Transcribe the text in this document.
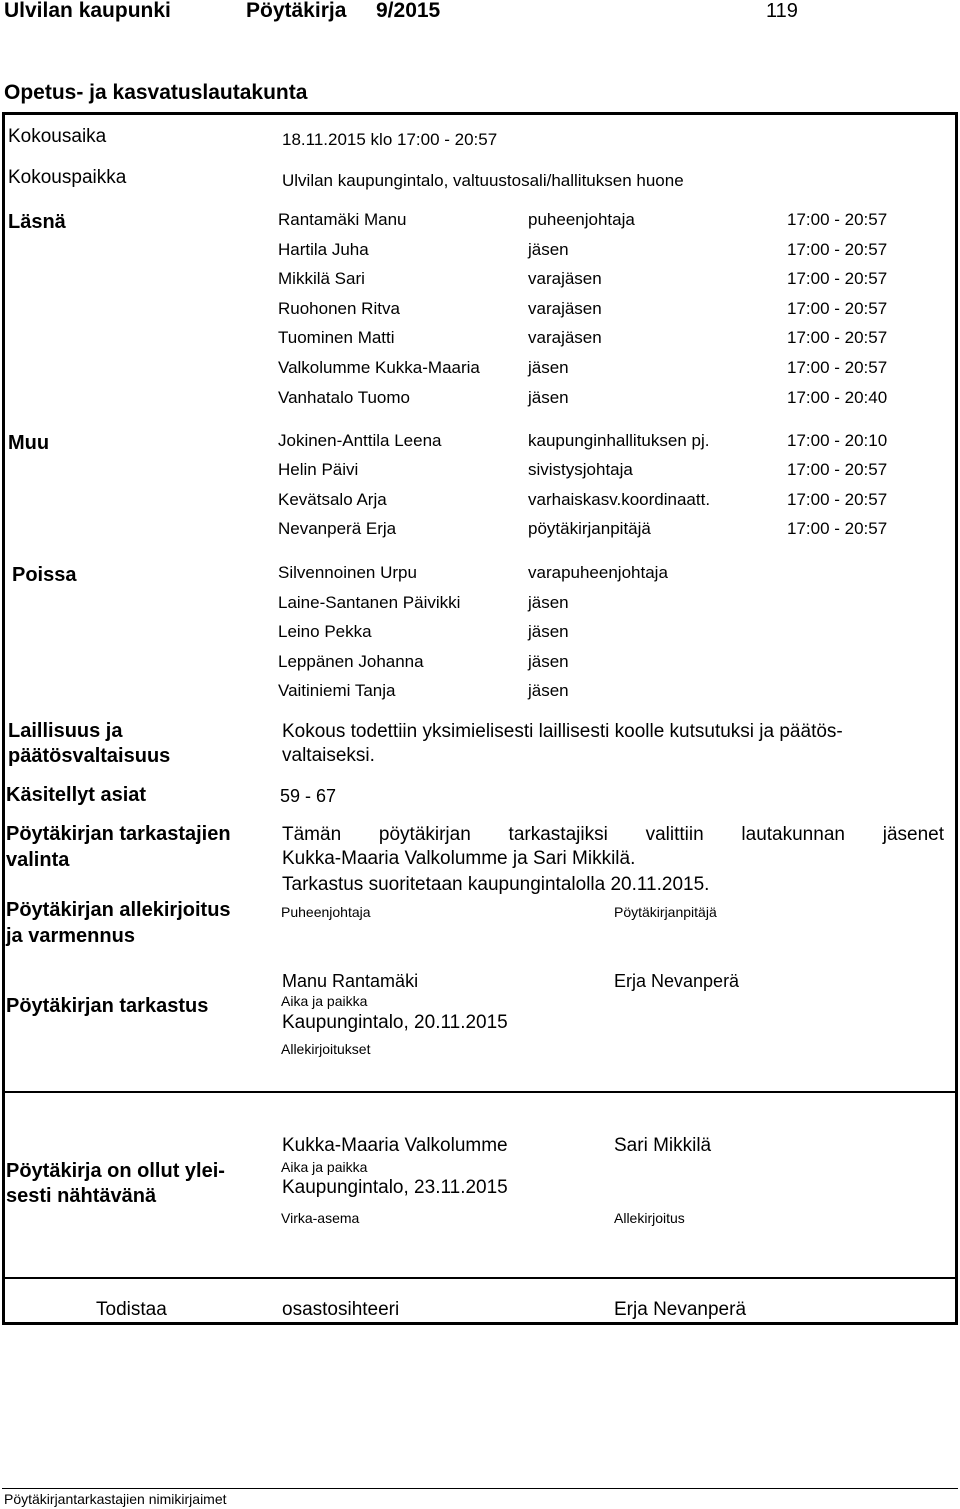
Ulvilan kaupunki	Pöytäkirja 9/2015	119
Opetus- ja kasvatuslautakunta
Kokousaika	18.11.2015 klo 17:00 - 20:57
Kokouspaikka	Ulvilan kaupungintalo, valtuustosali/hallituksen huone
Läsnä	Rantamäki Manu	puheenjohtaja	17:00 - 20:57
Hartila Juha	jäsen	17:00 - 20:57
Mikkilä Sari	varajäsen	17:00 - 20:57
Ruohonen Ritva	varajäsen	17:00 - 20:57
Tuominen Matti	varajäsen	17:00 - 20:57
Valkolumme Kukka-Maaria	jäsen	17:00 - 20:57
Vanhatalo Tuomo	jäsen	17:00 - 20:40
Muu	Jokinen-Anttila Leena	kaupunginhallituksen pj.	17:00 - 20:10
Helin Päivi	sivistysjohtaja	17:00 - 20:57
Kevätsalo Arja	varhaiskasv.koordinaatt.	17:00 - 20:57
Nevanperä Erja	pöytäkirjanpitäjä	17:00 - 20:57
Poissa	Silvennoinen Urpu	varapuheenjohtaja
Laine-Santanen Päivikki	jäsen
Leino Pekka	jäsen
Leppänen Johanna	jäsen
Vaitiniemi Tanja	jäsen
Laillisuus ja
päätösvaltaisuus
Kokous todettiin yksimielisesti laillisesti koolle kutsutuksi ja päätös-
valtaiseksi.
Käsitellyt asiat	59 - 67
Pöytäkirjan tarkastajien
valinta
Tämän pöytäkirjan tarkastajiksi valittiin lautakunnan jäsenet
Kukka-Maaria Valkolumme ja Sari Mikkilä.
Tarkastus suoritetaan kaupungintalolla 20.11.2015.
Pöytäkirjan allekirjoitus
ja varmennus
Puheenjohtaja	Pöytäkirjanpitäjä
Manu Rantamäki	Erja Nevanperä
Pöytäkirjan tarkastus	Aika ja paikka
Kaupungintalo, 20.11.2015
Allekirjoitukset
Pöytäkirja on ollut ylei-
sesti nähtävänä
Kukka-Maaria Valkolumme	Sari Mikkilä
Aika ja paikka
Kaupungintalo, 23.11.2015
Virka-asema	Allekirjoitus
Todistaa	osastosihteeri	Erja Nevanperä
Pöytäkirjantarkastajien nimikirjaimet
